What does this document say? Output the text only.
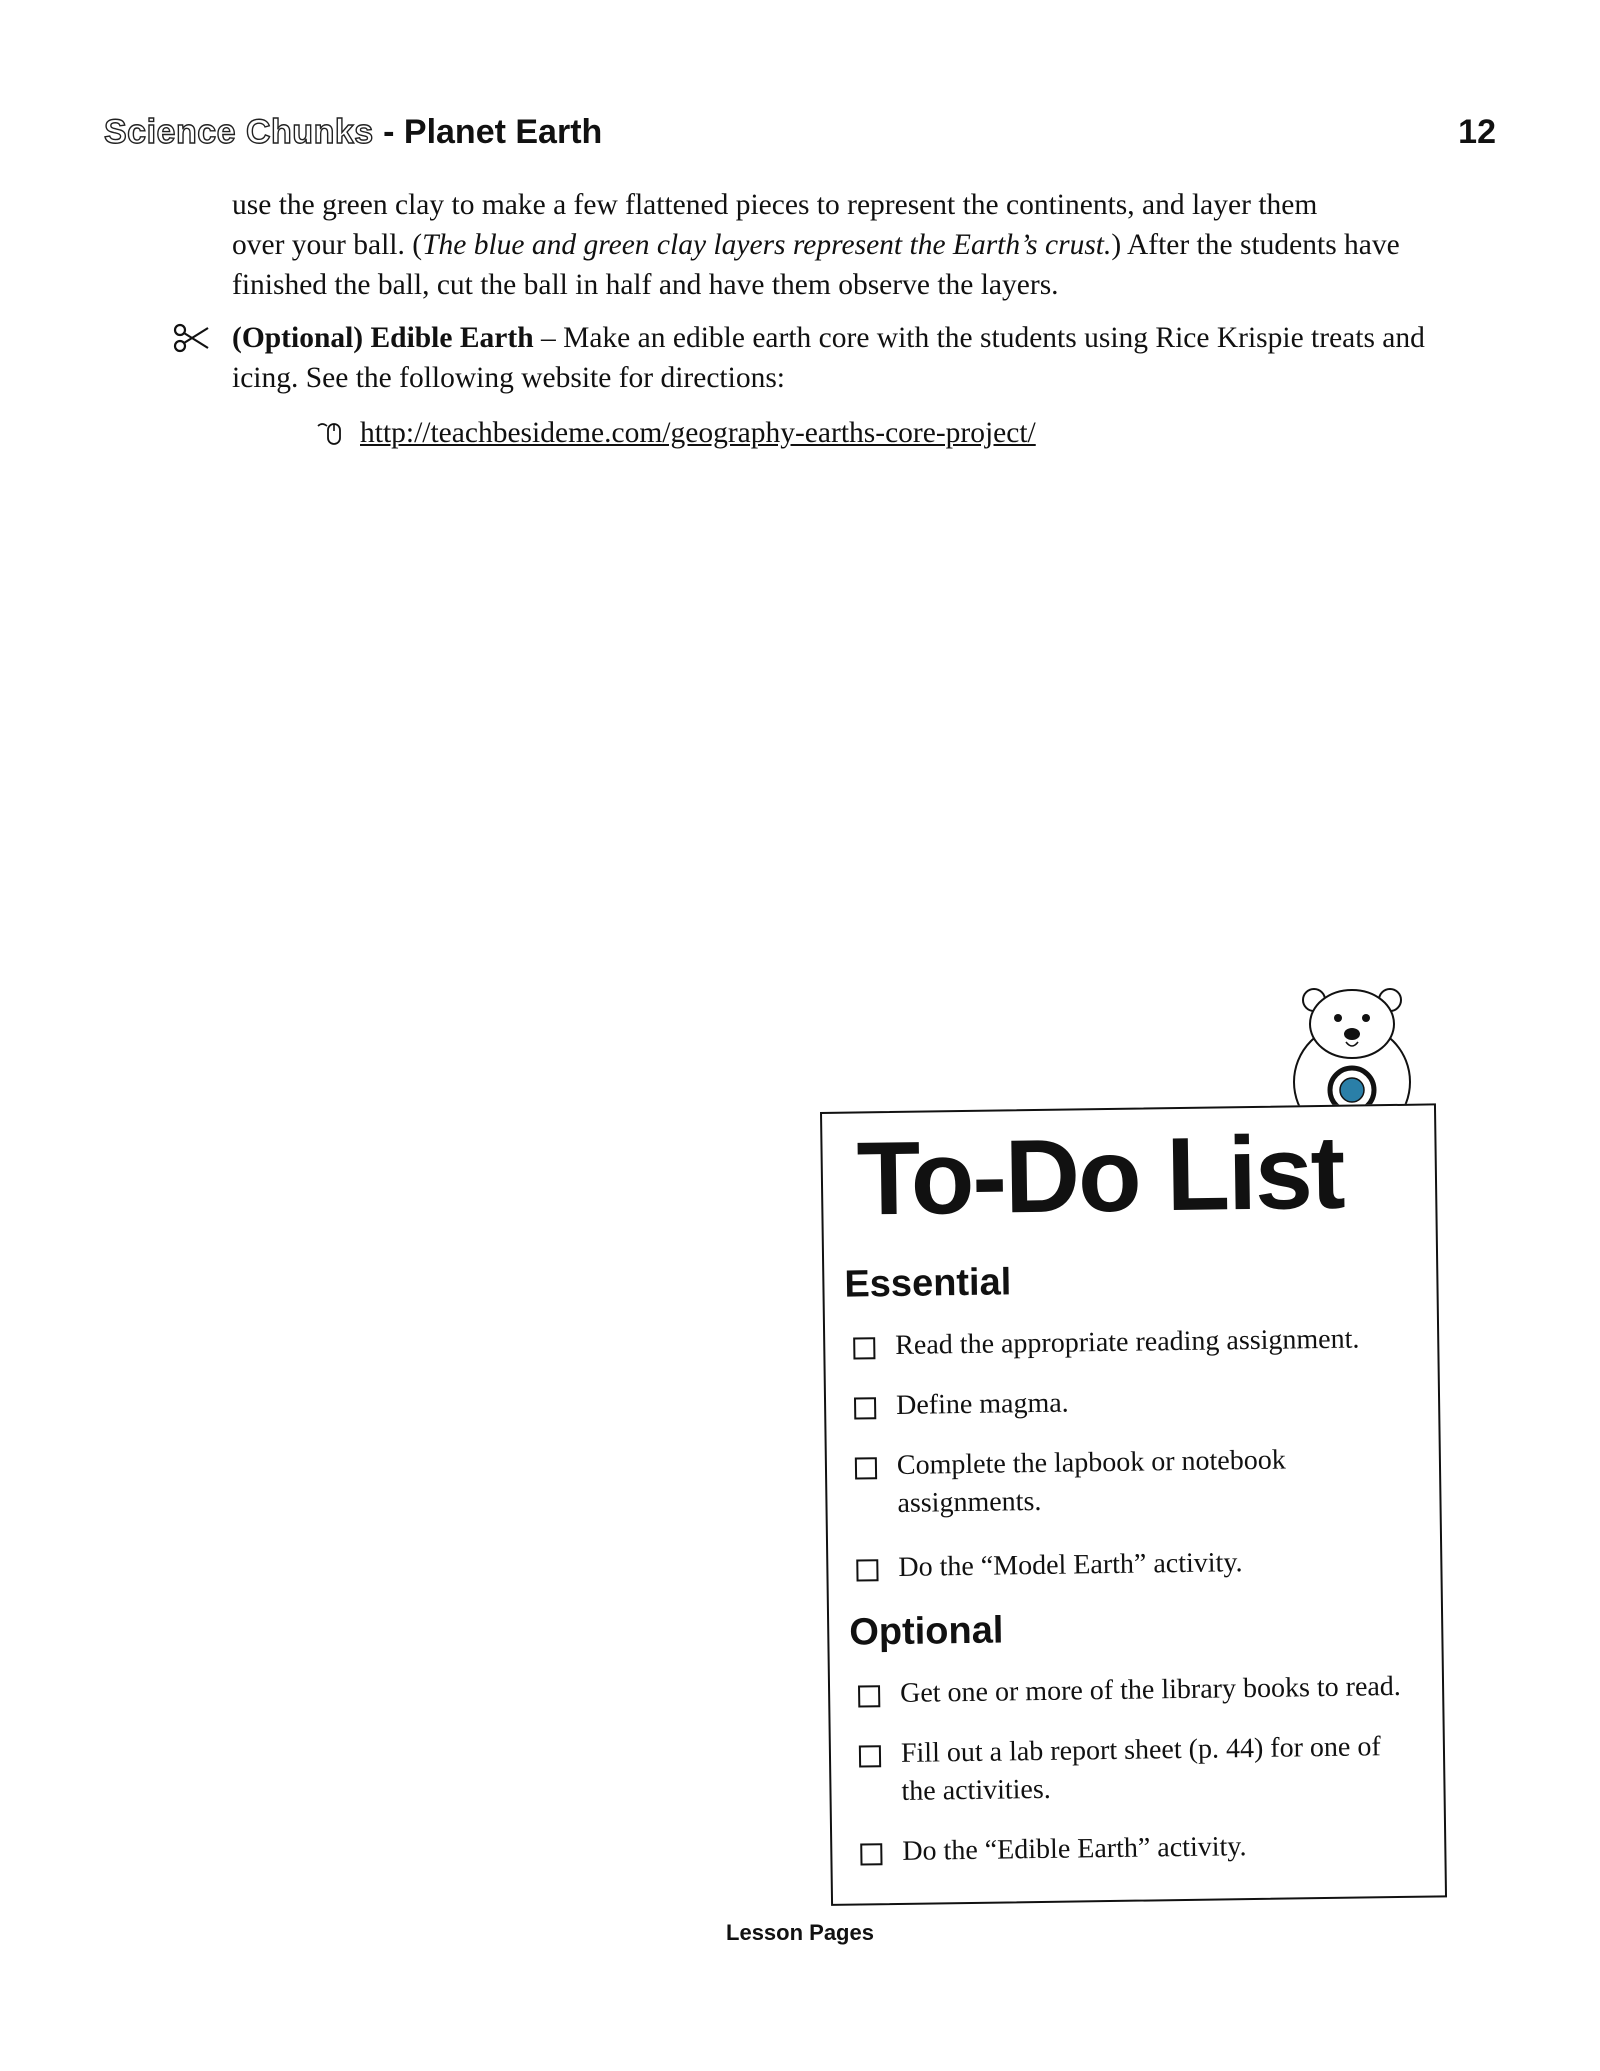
Science Chunks - Planet Earth	12

use the green clay to make a few flattened pieces to represent the continents, and layer them

over your ball. (The blue and green clay layers represent the Earth’s crust.) After the students have

finished the ball, cut the ball in half and have them observe the layers.

(Optional) Edible Earth – Make an edible earth core with the students using Rice Krispie treats and icing. See the following website for directions:
http://teachbesideme.com/geography-earths-core-project/
To-Do List
Essential
Read the appropriate reading assignment.
Define magma.
Complete the lapbook or notebook assignments.
Do the “Model Earth” activity.
Optional
Get one or more of the library books to read.
Fill out a lab report sheet (p. 44) for one of the activities.
Do the “Edible Earth” activity.
Lesson Pages
